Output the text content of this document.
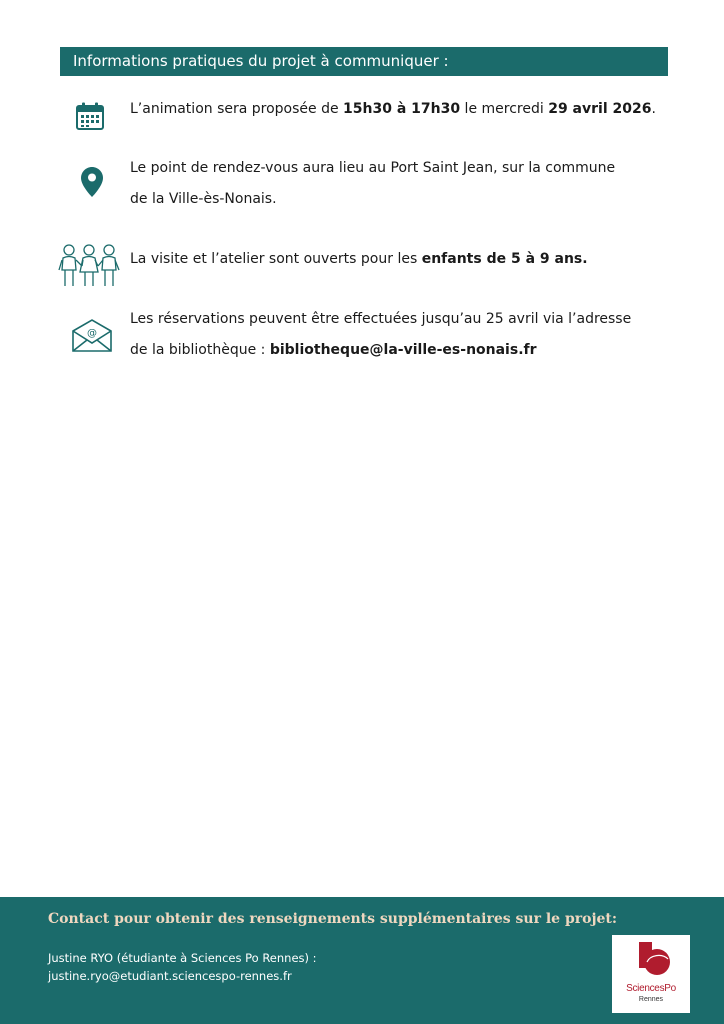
Informations pratiques du projet à communiquer :
L’animation sera proposée de 15h30 à 17h30 le mercredi 29 avril 2026.
Le point de rendez-vous aura lieu au Port Saint Jean, sur la commune
de la Ville-ès-Nonais.
La visite et l’atelier sont ouverts pour les enfants de 5 à 9 ans.
@
Les réservations peuvent être effectuées jusqu’au 25 avril via l’adresse
de la bibliothèque : bibliotheque@la-ville-es-nonais.fr
Contact pour obtenir des renseignements supplémentaires sur le projet:
Justine RYO (étudiante à Sciences Po Rennes) :
justine.ryo@etudiant.sciencespo-rennes.fr
SciencesPo
Rennes
